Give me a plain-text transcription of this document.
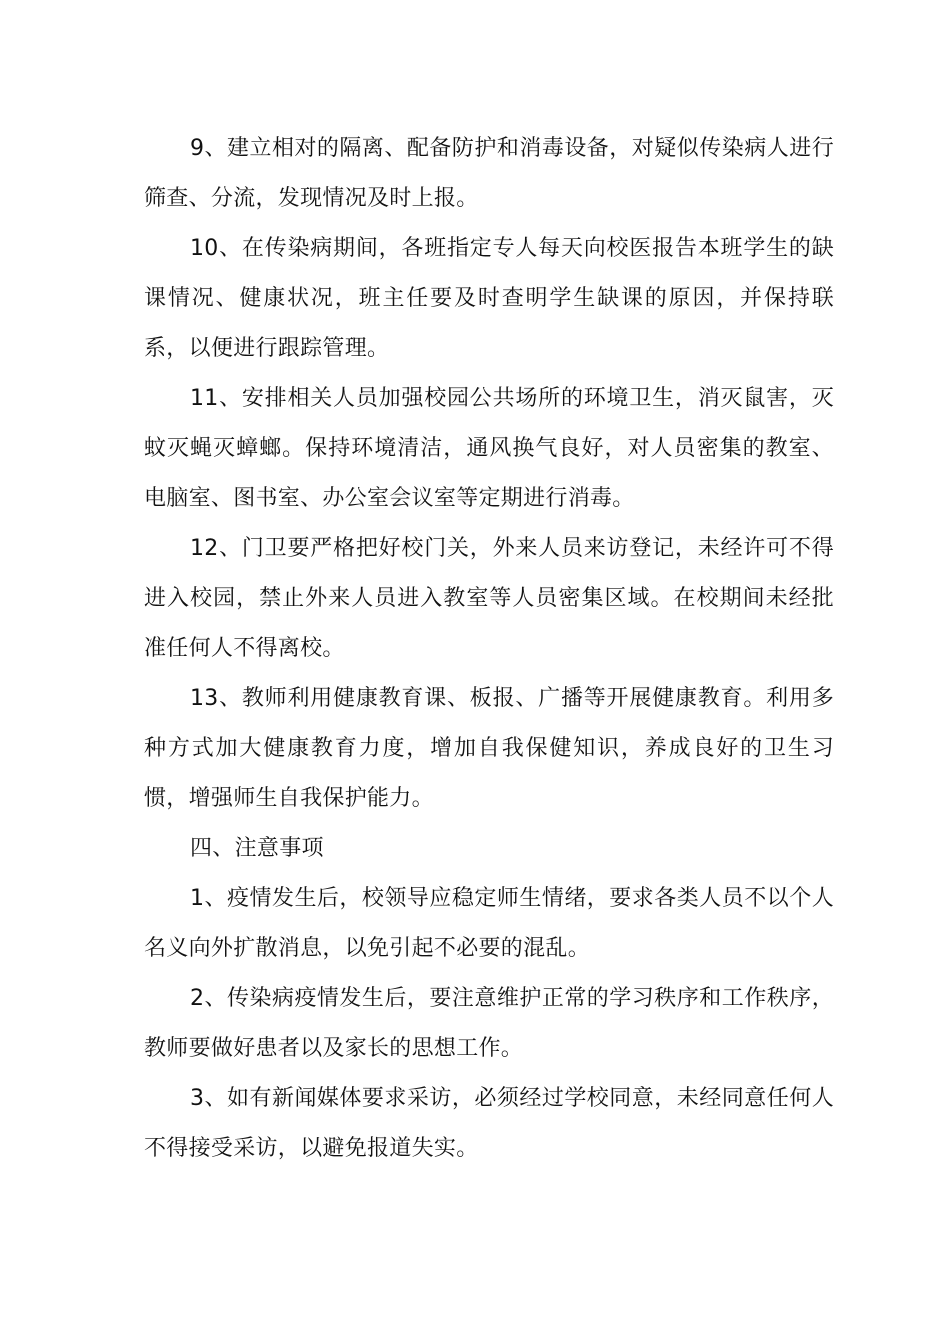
9、建立相对的隔离、配备防护和消毒设备，对疑似传染病人进行筛查、分流，发现情况及时上报。

10、在传染病期间，各班指定专人每天向校医报告本班学生的缺课情况、健康状况，班主任要及时查明学生缺课的原因，并保持联系，以便进行跟踪管理。

11、安排相关人员加强校园公共场所的环境卫生，消灭鼠害，灭蚊灭蝇灭蟑螂。保持环境清洁，通风换气良好，对人员密集的教室、电脑室、图书室、办公室会议室等定期进行消毒。

12、门卫要严格把好校门关，外来人员来访登记，未经许可不得进入校园，禁止外来人员进入教室等人员密集区域。在校期间未经批准任何人不得离校。

13、教师利用健康教育课、板报、广播等开展健康教育。利用多种方式加大健康教育力度，增加自我保健知识，养成良好的卫生习惯，增强师生自我保护能力。

四、注意事项

1、疫情发生后，校领导应稳定师生情绪，要求各类人员不以个人名义向外扩散消息，以免引起不必要的混乱。

2、传染病疫情发生后，要注意维护正常的学习秩序和工作秩序，教师要做好患者以及家长的思想工作。

3、如有新闻媒体要求采访，必须经过学校同意，未经同意任何人不得接受采访，以避免报道失实。
